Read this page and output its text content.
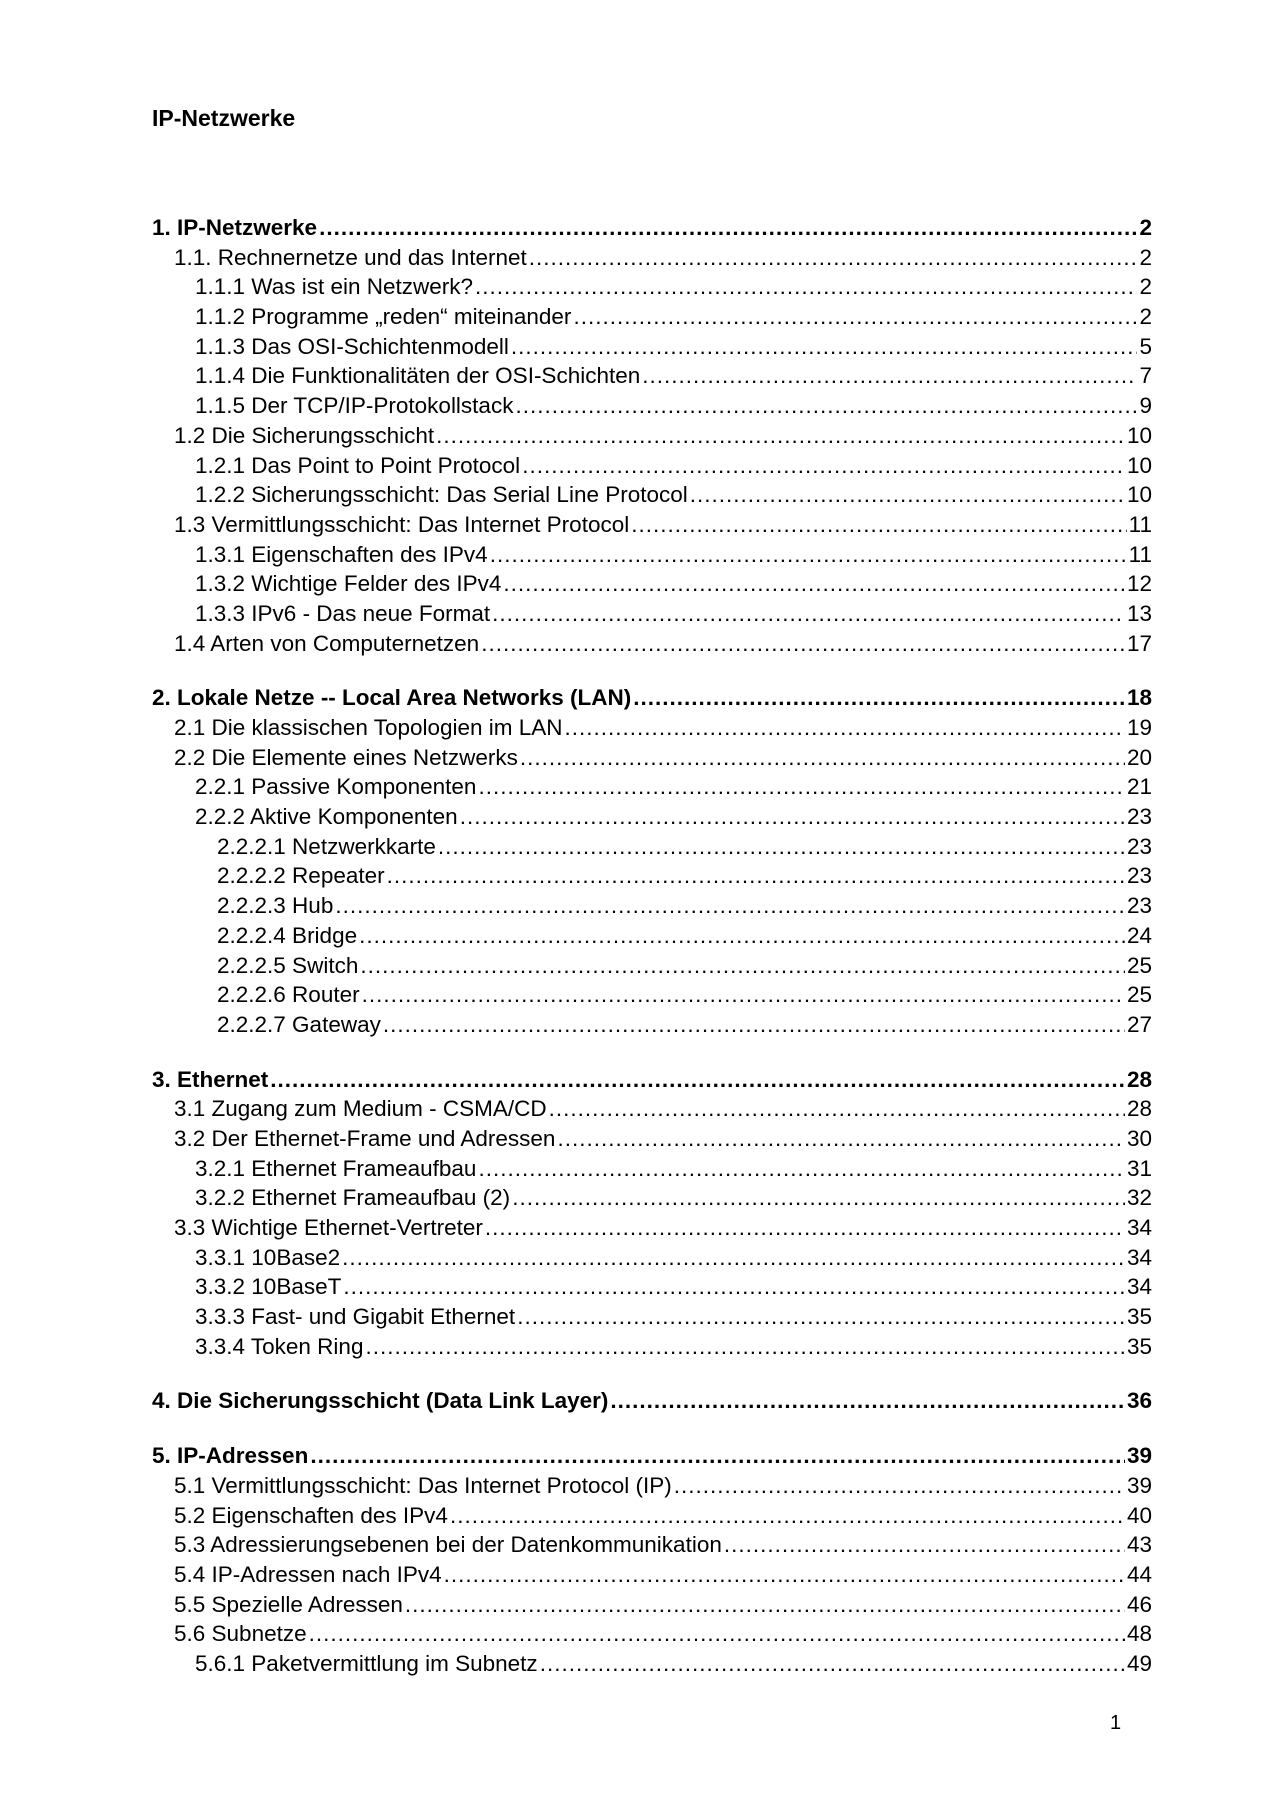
IP-Netzwerke
1. IP-Netzwerke .....	2
1.1. Rechnernetze und das Internet .....	2
1.1.1 Was ist ein Netzwerk? .....	2
1.1.2 Programme „reden“ miteinander .....	2
1.1.3 Das OSI-Schichtenmodell .....	5
1.1.4 Die Funktionalitäten der OSI-Schichten .....	7
1.1.5 Der TCP/IP-Protokollstack .....	9
1.2 Die Sicherungsschicht .....	10
1.2.1 Das Point to Point Protocol .....	10
1.2.2 Sicherungsschicht: Das Serial Line Protocol .....	10
1.3 Vermittlungsschicht: Das Internet Protocol .....	11
1.3.1 Eigenschaften des IPv4 .....	11
1.3.2 Wichtige Felder des IPv4 .....	12
1.3.3 IPv6 - Das neue Format .....	13
1.4 Arten von Computernetzen .....	17
2. Lokale Netze -- Local Area Networks (LAN) .....	18
2.1 Die klassischen Topologien im LAN .....	19
2.2 Die Elemente eines Netzwerks .....	20
2.2.1 Passive Komponenten .....	21
2.2.2 Aktive Komponenten .....	23
2.2.2.1 Netzwerkkarte .....	23
2.2.2.2 Repeater .....	23
2.2.2.3 Hub .....	23
2.2.2.4 Bridge .....	24
2.2.2.5 Switch .....	25
2.2.2.6 Router .....	25
2.2.2.7 Gateway .....	27
3. Ethernet .....	28
3.1 Zugang zum Medium - CSMA/CD .....	28
3.2 Der Ethernet-Frame und Adressen .....	30
3.2.1 Ethernet Frameaufbau .....	31
3.2.2 Ethernet Frameaufbau (2) .....	32
3.3 Wichtige Ethernet-Vertreter .....	34
3.3.1 10Base2 .....	34
3.3.2 10BaseT .....	34
3.3.3 Fast- und Gigabit Ethernet .....	35
3.3.4 Token Ring .....	35
4. Die Sicherungsschicht (Data Link Layer) .....	36
5. IP-Adressen .....	39
5.1 Vermittlungsschicht: Das Internet Protocol (IP) .....	39
5.2 Eigenschaften des IPv4 .....	40
5.3 Adressierungsebenen bei der Datenkommunikation .....	43
5.4 IP-Adressen nach IPv4 .....	44
5.5 Spezielle Adressen .....	46
5.6 Subnetze .....	48
5.6.1 Paketvermittlung im Subnetz .....	49
1
